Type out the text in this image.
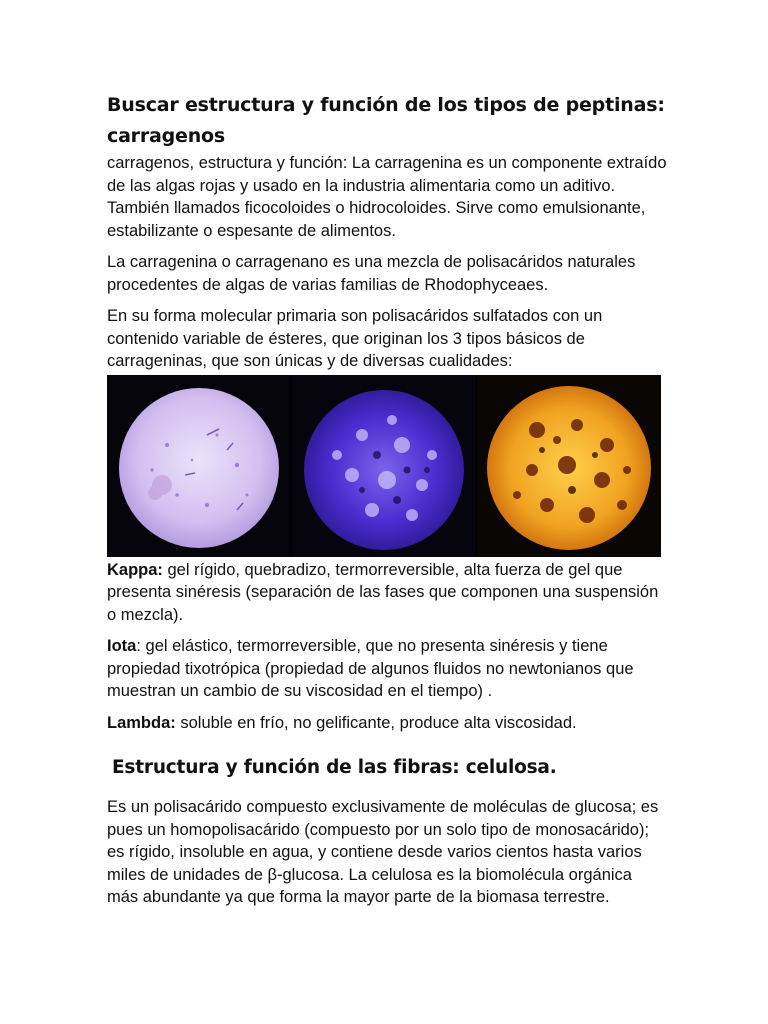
Buscar estructura y función de los tipos de peptinas:
carragenos

carragenos, estructura y función: La carragenina es un componente extraído de las algas rojas y usado en la industria alimentaria como un aditivo. También llamados ficocoloides o hidrocoloides. Sirve como emulsionante, estabilizante o espesante de alimentos.

La carragenina o carragenano es una mezcla de polisacáridos naturales procedentes de algas de varias familias de Rhodophyceaes.

En su forma molecular primaria son polisacáridos sulfatados con un contenido variable de ésteres, que originan los 3 tipos básicos de carrageninas, que son únicas y de diversas cualidades:

Kappa: gel rígido, quebradizo, termorreversible, alta fuerza de gel que presenta sinéresis (separación de las fases que componen una suspensión o mezcla).

Iota: gel elástico, termorreversible, que no presenta sinéresis y tiene propiedad tixotrópica (propiedad de algunos fluidos no newtonianos que muestran un cambio de su viscosidad en el tiempo) .

Lambda: soluble en frío, no gelificante, produce alta viscosidad.

Estructura y función de las fibras: celulosa.

Es un polisacárido compuesto exclusivamente de moléculas de glucosa; es pues un homopolisacárido (compuesto por un solo tipo de monosacárido); es rígido, insoluble en agua, y contiene desde varios cientos hasta varios miles de unidades de β-glucosa. La celulosa es la biomolécula orgánica más abundante ya que forma la mayor parte de la biomasa terrestre.
